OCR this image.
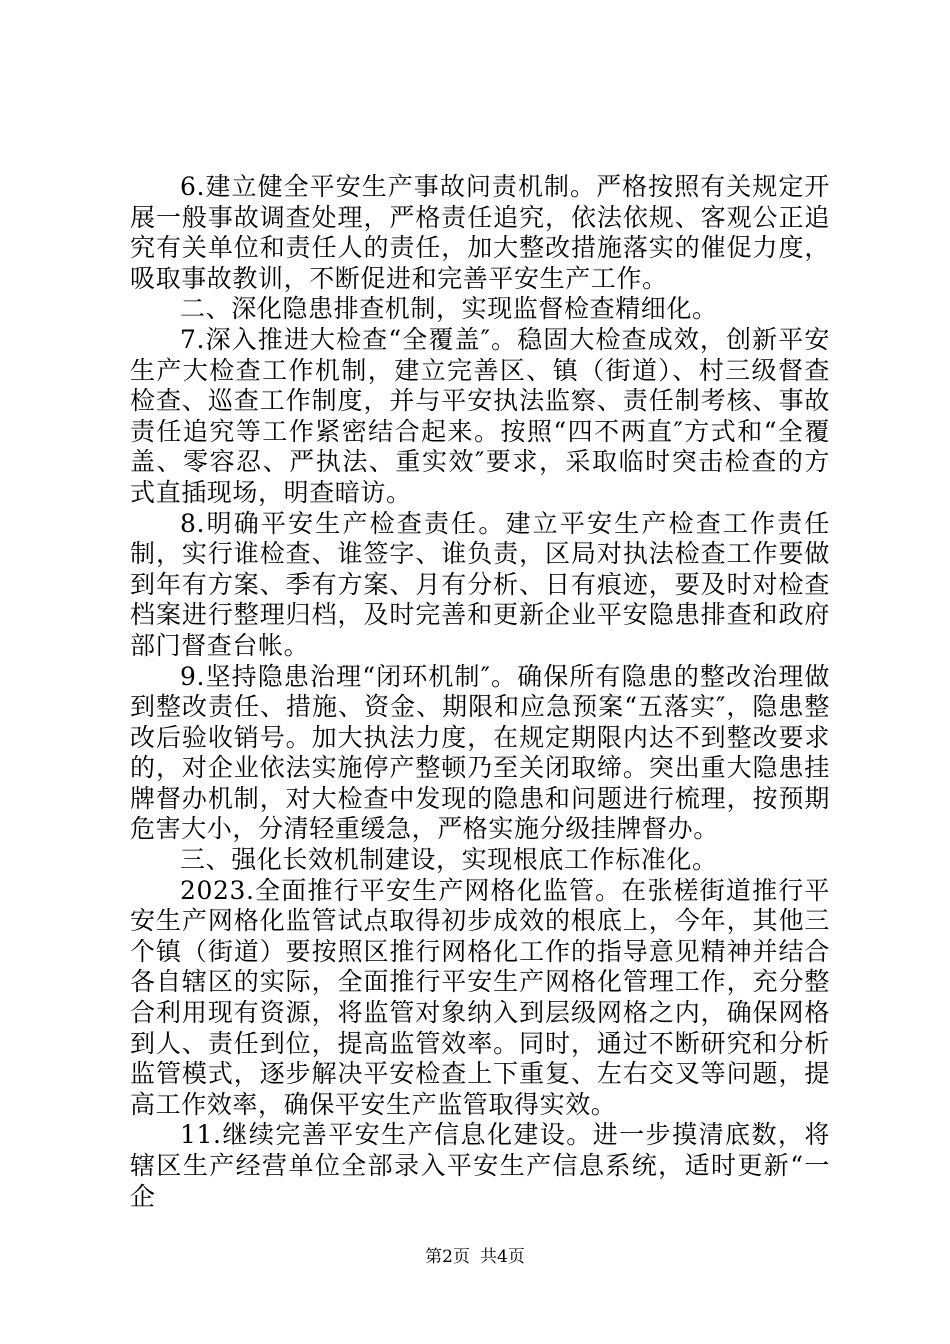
6.建立健全平安生产事故问责机制。严格按照有关规定开展一般事故调查处理，严格责任追究，依法依规、客观公正追究有关单位和责任人的责任，加大整改措施落实的催促力度，吸取事故教训，不断促进和完善平安生产工作。

二、深化隐患排查机制，实现监督检查精细化。

7.深入推进大检查“全覆盖″。稳固大检查成效，创新平安生产大检查工作机制，建立完善区、镇（街道）、村三级督查检查、巡查工作制度，并与平安执法监察、责任制考核、事故责任追究等工作紧密结合起来。按照“四不两直″方式和“全覆盖、零容忍、严执法、重实效″要求，采取临时突击检查的方式直插现场，明查暗访。

8.明确平安生产检查责任。建立平安生产检查工作责任制，实行谁检查、谁签字、谁负责，区局对执法检查工作要做到年有方案、季有方案、月有分析、日有痕迹，要及时对检查档案进行整理归档，及时完善和更新企业平安隐患排查和政府部门督查台帐。

9.坚持隐患治理“闭环机制″。确保所有隐患的整改治理做到整改责任、措施、资金、期限和应急预案“五落实″，隐患整改后验收销号。加大执法力度，在规定期限内达不到整改要求的，对企业依法实施停产整顿乃至关闭取缔。突出重大隐患挂牌督办机制，对大检查中发现的隐患和问题进行梳理，按预期危害大小，分清轻重缓急，严格实施分级挂牌督办。

三、强化长效机制建设，实现根底工作标准化。

2023.全面推行平安生产网格化监管。在张槎街道推行平安生产网格化监管试点取得初步成效的根底上，今年，其他三个镇（街道）要按照区推行网格化工作的指导意见精神并结合各自辖区的实际，全面推行平安生产网格化管理工作，充分整合利用现有资源，将监管对象纳入到层级网格之内，确保网格到人、责任到位，提高监管效率。同时，通过不断研究和分析监管模式，逐步解决平安检查上下重复、左右交叉等问题，提高工作效率，确保平安生产监管取得实效。

11.继续完善平安生产信息化建设。进一步摸清底数，将辖区生产经营单位全部录入平安生产信息系统，适时更新“一企

第2页 共4页
